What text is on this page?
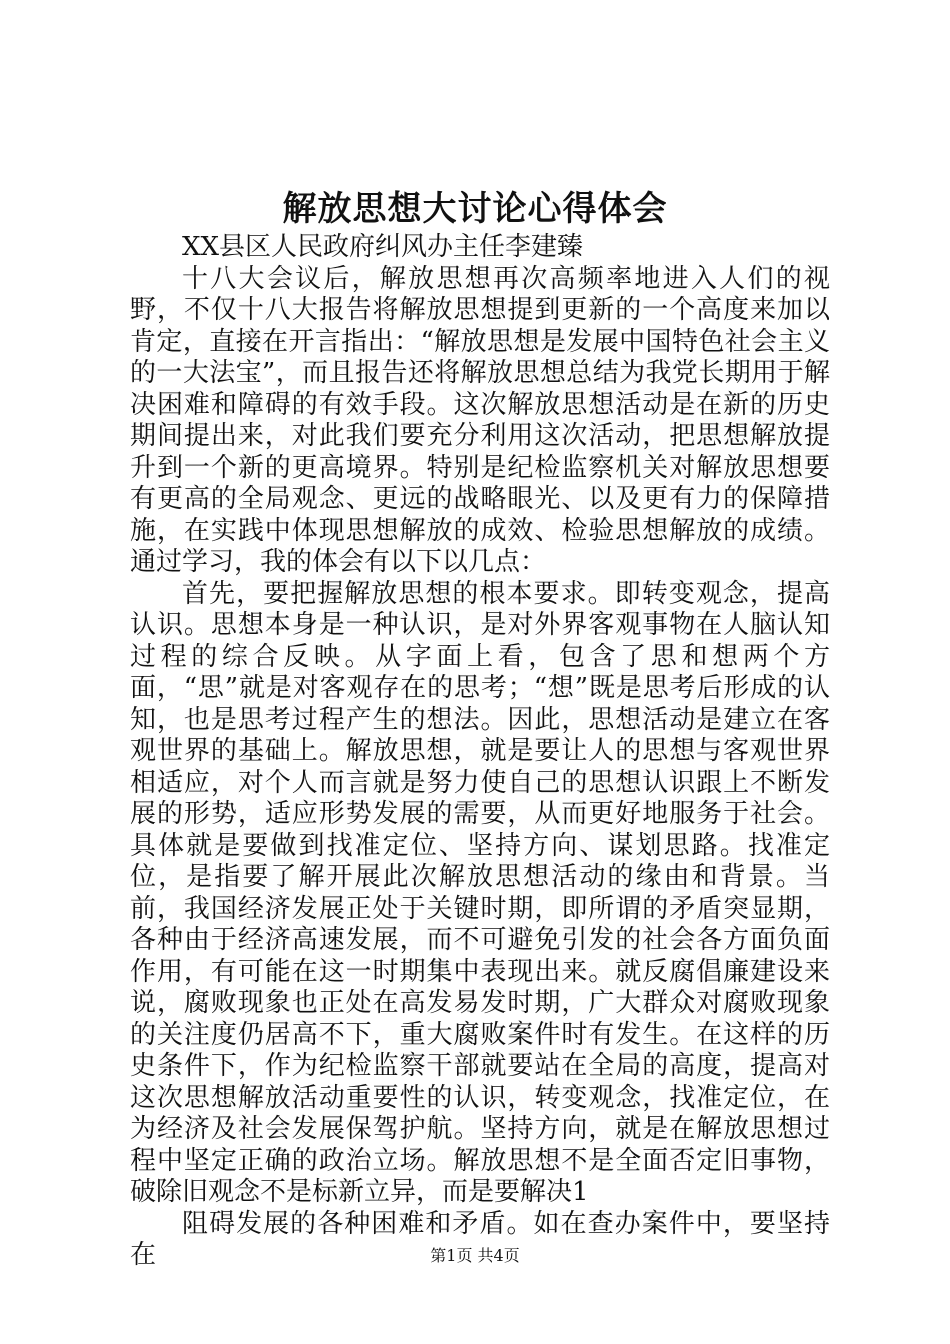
解放思想大讨论心得体会

XX县区人民政府纠风办主任李建臻

十八大会议后，解放思想再次高频率地进入人们的视野，不仅十八大报告将解放思想提到更新的一个高度来加以肯定，直接在开言指出：“解放思想是发展中国特色社会主义的一大法宝”，而且报告还将解放思想总结为我党长期用于解决困难和障碍的有效手段。这次解放思想活动是在新的历史期间提出来，对此我们要充分利用这次活动，把思想解放提升到一个新的更高境界。特别是纪检监察机关对解放思想要有更高的全局观念、更远的战略眼光、以及更有力的保障措施，在实践中体现思想解放的成效、检验思想解放的成绩。通过学习，我的体会有以下以几点：

首先，要把握解放思想的根本要求。即转变观念，提高认识。思想本身是一种认识，是对外界客观事物在人脑认知过程的综合反映。从字面上看，包含了思和想两个方面，“思”就是对客观存在的思考；“想”既是思考后形成的认知，也是思考过程产生的想法。因此，思想活动是建立在客观世界的基础上。解放思想，就是要让人的思想与客观世界相适应，对个人而言就是努力使自己的思想认识跟上不断发展的形势，适应形势发展的需要，从而更好地服务于社会。具体就是要做到找准定位、坚持方向、谋划思路。找准定位，是指要了解开展此次解放思想活动的缘由和背景。当前，我国经济发展正处于关键时期，即所谓的矛盾突显期，各种由于经济高速发展，而不可避免引发的社会各方面负面作用，有可能在这一时期集中表现出来。就反腐倡廉建设来说，腐败现象也正处在高发易发时期，广大群众对腐败现象的关注度仍居高不下，重大腐败案件时有发生。在这样的历史条件下，作为纪检监察干部就要站在全局的高度，提高对这次思想解放活动重要性的认识，转变观念，找准定位，在为经济及社会发展保驾护航。坚持方向，就是在解放思想过程中坚定正确的政治立场。解放思想不是全面否定旧事物，破除旧观念不是标新立异，而是要解决1

阻碍发展的各种困难和矛盾。如在查办案件中，要坚持在	第1页 共4页
